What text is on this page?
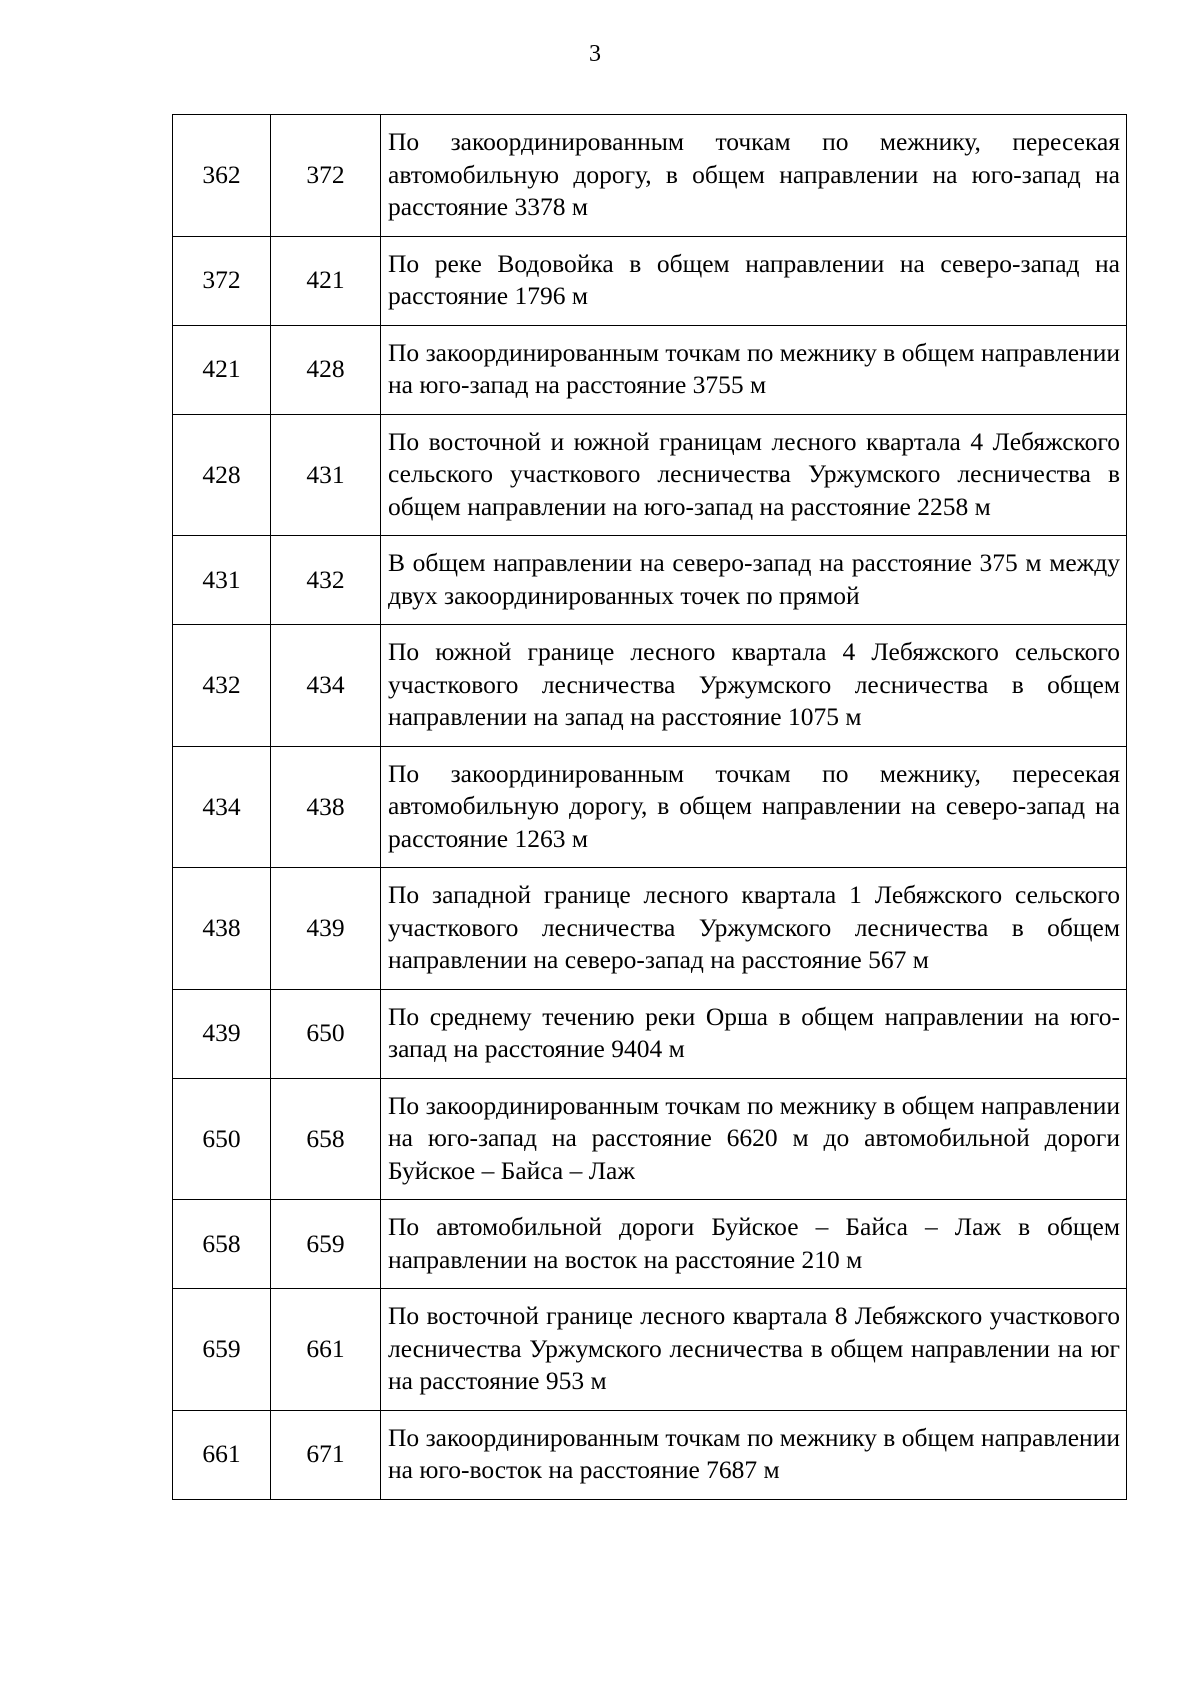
3
362	372	По закоординированным точкам по межнику, пересекая автомобильную дорогу, в общем направлении на юго-запад на расстояние 3378 м
372	421	По реке Водовойка в общем направлении на северо-запад на расстояние 1796 м
421	428	По закоординированным точкам по межнику в общем направлении на юго-запад на расстояние 3755 м
428	431	По восточной и южной границам лесного квартала 4 Лебяжского сельского участкового лесничества Уржумского лесничества в общем направлении на юго-запад на расстояние 2258 м
431	432	В общем направлении на северо-запад на расстояние 375 м между двух закоординированных точек по прямой
432	434	По южной границе лесного квартала 4 Лебяжского сельского участкового лесничества Уржумского лесничества в общем направлении на запад на расстояние 1075 м
434	438	По закоординированным точкам по межнику, пересекая автомобильную дорогу, в общем направлении на северо-запад на расстояние 1263 м
438	439	По западной границе лесного квартала 1 Лебяжского сельского участкового лесничества Уржумского лесничества в общем направлении на северо-запад на расстояние 567 м
439	650	По среднему течению реки Орша в общем направлении на юго-запад на расстояние 9404 м
650	658	По закоординированным точкам по межнику в общем направлении на юго-запад на расстояние 6620 м до автомобильной дороги Буйское – Байса – Лаж
658	659	По автомобильной дороги Буйское – Байса – Лаж в общем направлении на восток на расстояние 210 м
659	661	По восточной границе лесного квартала 8 Лебяжского участкового лесничества Уржумского лесничества в общем направлении на юг на расстояние 953 м
661	671	По закоординированным точкам по межнику в общем направлении на юго-восток на расстояние 7687 м
